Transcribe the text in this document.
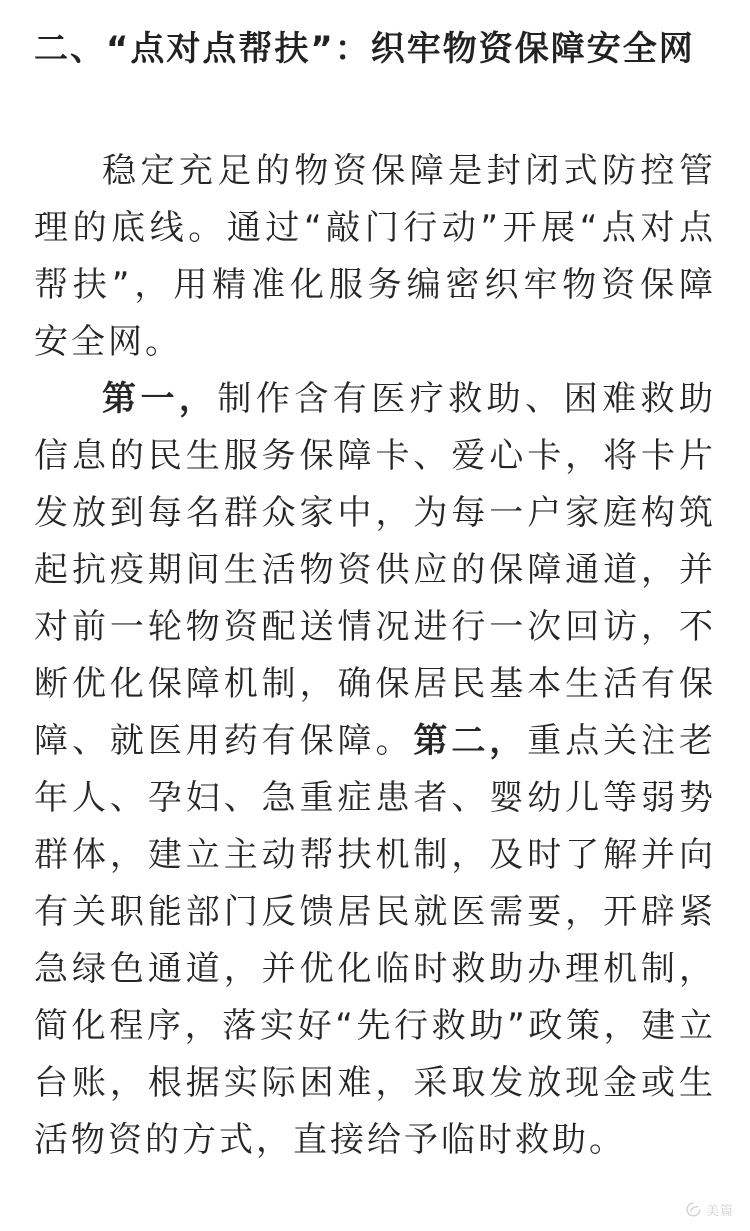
二、“点对点帮扶”：织牢物资保障安全网

稳定充足的物资保障是封闭式防控管理的底线。通过“敲门行动”开展“点对点帮扶”，用精准化服务编密织牢物资保障安全网。

第一，制作含有医疗救助、困难救助信息的民生服务保障卡、爱心卡，将卡片发放到每名群众家中，为每一户家庭构筑起抗疫期间生活物资供应的保障通道，并对前一轮物资配送情况进行一次回访，不断优化保障机制，确保居民基本生活有保障、就医用药有保障。第二，重点关注老年人、孕妇、急重症患者、婴幼儿等弱势群体，建立主动帮扶机制，及时了解并向有关职能部门反馈居民就医需要，开辟紧急绿色通道，并优化临时救助办理机制，简化程序，落实好“先行救助”政策，建立台账，根据实际困难，采取发放现金或生活物资的方式，直接给予临时救助。

美篇
